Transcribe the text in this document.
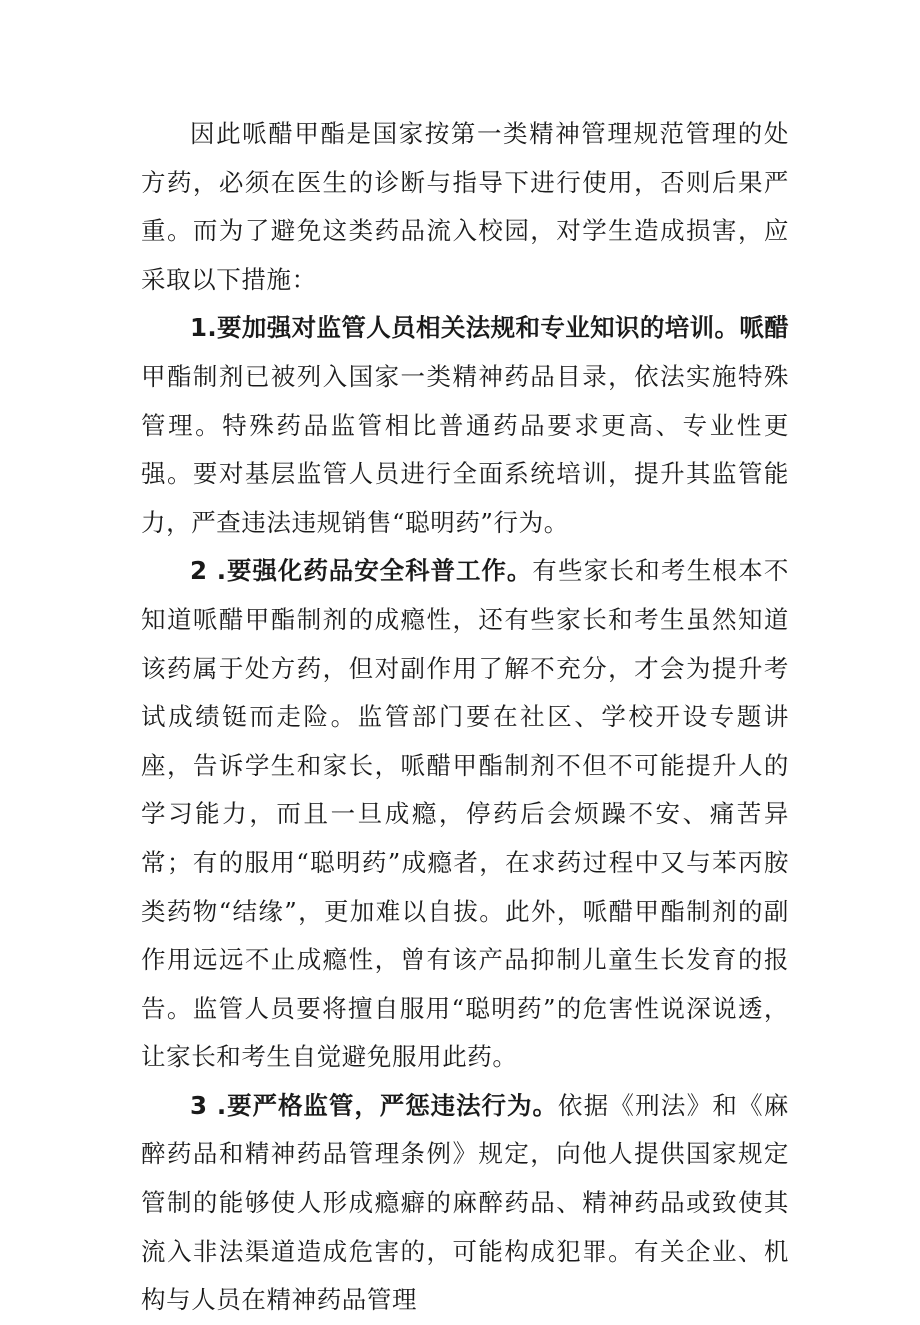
因此哌醋甲酯是国家按第一类精神管理规范管理的处方药，必须在医生的诊断与指导下进行使用，否则后果严重。而为了避免这类药品流入校园，对学生造成损害，应采取以下措施：

1.要加强对监管人员相关法规和专业知识的培训。哌醋甲酯制剂已被列入国家一类精神药品目录，依法实施特殊管理。特殊药品监管相比普通药品要求更高、专业性更强。要对基层监管人员进行全面系统培训，提升其监管能力，严查违法违规销售“聪明药”行为。

2 .要强化药品安全科普工作。有些家长和考生根本不知道哌醋甲酯制剂的成瘾性，还有些家长和考生虽然知道该药属于处方药，但对副作用了解不充分，才会为提升考试成绩铤而走险。监管部门要在社区、学校开设专题讲座，告诉学生和家长，哌醋甲酯制剂不但不可能提升人的学习能力，而且一旦成瘾，停药后会烦躁不安、痛苦异常；有的服用“聪明药”成瘾者，在求药过程中又与苯丙胺类药物“结缘”，更加难以自拔。此外，哌醋甲酯制剂的副作用远远不止成瘾性，曾有该产品抑制儿童生长发育的报告。监管人员要将擅自服用“聪明药”的危害性说深说透，让家长和考生自觉避免服用此药。

3 .要严格监管，严惩违法行为。依据《刑法》和《麻醉药品和精神药品管理条例》规定，向他人提供国家规定管制的能够使人形成瘾癖的麻醉药品、精神药品或致使其流入非法渠道造成危害的，可能构成犯罪。有关企业、机构与人员在精神药品管理
